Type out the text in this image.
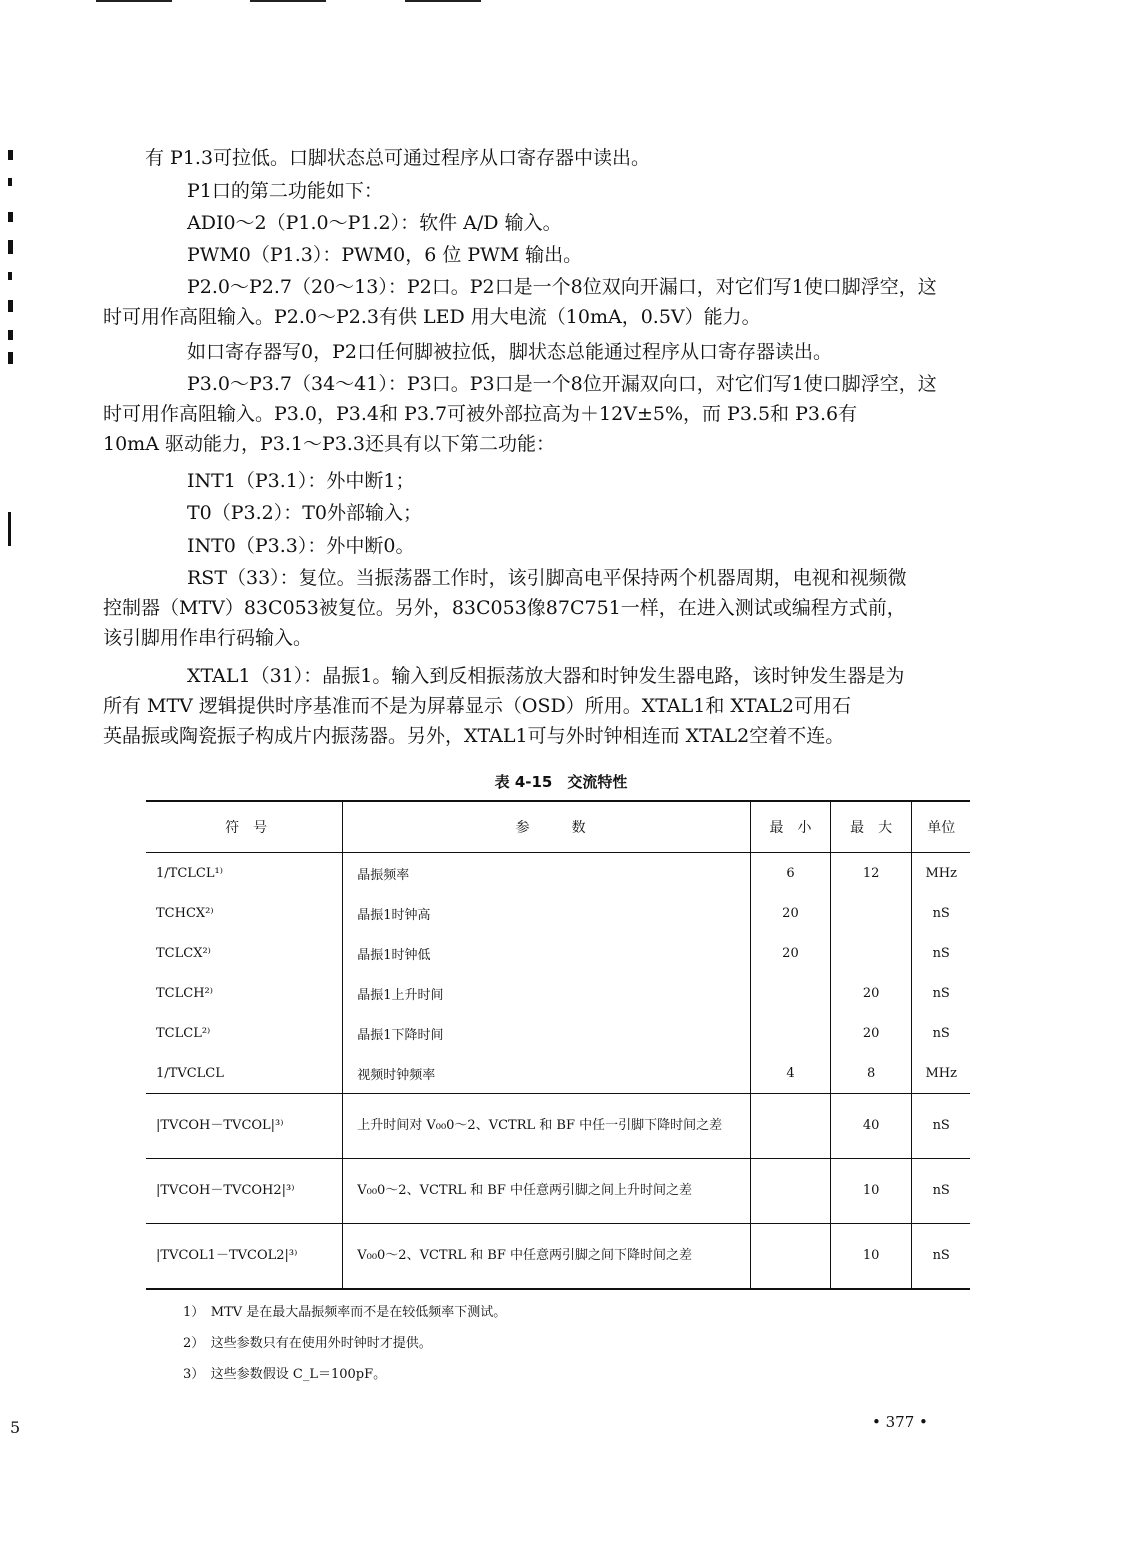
有 P1.3可拉低。口脚状态总可通过程序从口寄存器中读出。

P1口的第二功能如下：

ADI0～2（P1.0～P1.2）：软件 A/D 输入。

PWM0（P1.3）：PWM0，6 位 PWM 输出。

P2.0～P2.7（20～13）：P2口。P2口是一个8位双向开漏口，对它们写1使口脚浮空，这
时可用作高阻输入。P2.0～P2.3有供 LED 用大电流（10mA，0.5V）能力。

如口寄存器写0，P2口任何脚被拉低，脚状态总能通过程序从口寄存器读出。

P3.0～P3.7（34～41）：P3口。P3口是一个8位开漏双向口，对它们写1使口脚浮空，这
时可用作高阻输入。P3.0，P3.4和 P3.7可被外部拉高为＋12V±5%，而 P3.5和 P3.6有
10mA 驱动能力，P3.1～P3.3还具有以下第二功能：

INT1（P3.1）：外中断1；

T0（P3.2）：T0外部输入；

INT0（P3.3）：外中断0。

RST（33）：复位。当振荡器工作时，该引脚高电平保持两个机器周期，电视和视频微
控制器（MTV）83C053被复位。另外，83C053像87C751一样，在进入测试或编程方式前，
该引脚用作串行码输入。

XTAL1（31）：晶振1。输入到反相振荡放大器和时钟发生器电路，该时钟发生器是为
所有 MTV 逻辑提供时序基准而不是为屏幕显示（OSD）所用。XTAL1和 XTAL2可用石
英晶振或陶瓷振子构成片内振荡器。另外，XTAL1可与外时钟相连而 XTAL2空着不连。

表 4-15　交流特性
符　号	参　　　数	最　小	最　大	单位
1/TCLCL¹⁾	晶振频率	6	12	MHz
TCHCX²⁾	晶振1时钟高	20		nS
TCLCX²⁾	晶振1时钟低	20		nS
TCLCH²⁾	晶振1上升时间		20	nS
TCLCL²⁾	晶振1下降时间		20	nS
1/TVCLCL	视频时钟频率	4	8	MHz
|TVCOH－TVCOL|³⁾	上升时间对 V₀₀0～2、VCTRL 和 BF 中任一引脚下降时间之差		40	nS
|TVCOH－TVCOH2|³⁾	V₀₀0～2、VCTRL 和 BF 中任意两引脚之间上升时间之差		10	nS
|TVCOL1－TVCOL2|³⁾	V₀₀0～2、VCTRL 和 BF 中任意两引脚之间下降时间之差		10	nS
1）　MTV 是在最大晶振频率而不是在较低频率下测试。
2）　这些参数只有在使用外时钟时才提供。
3）　这些参数假设 C_L＝100pF。
• 377 •
5
